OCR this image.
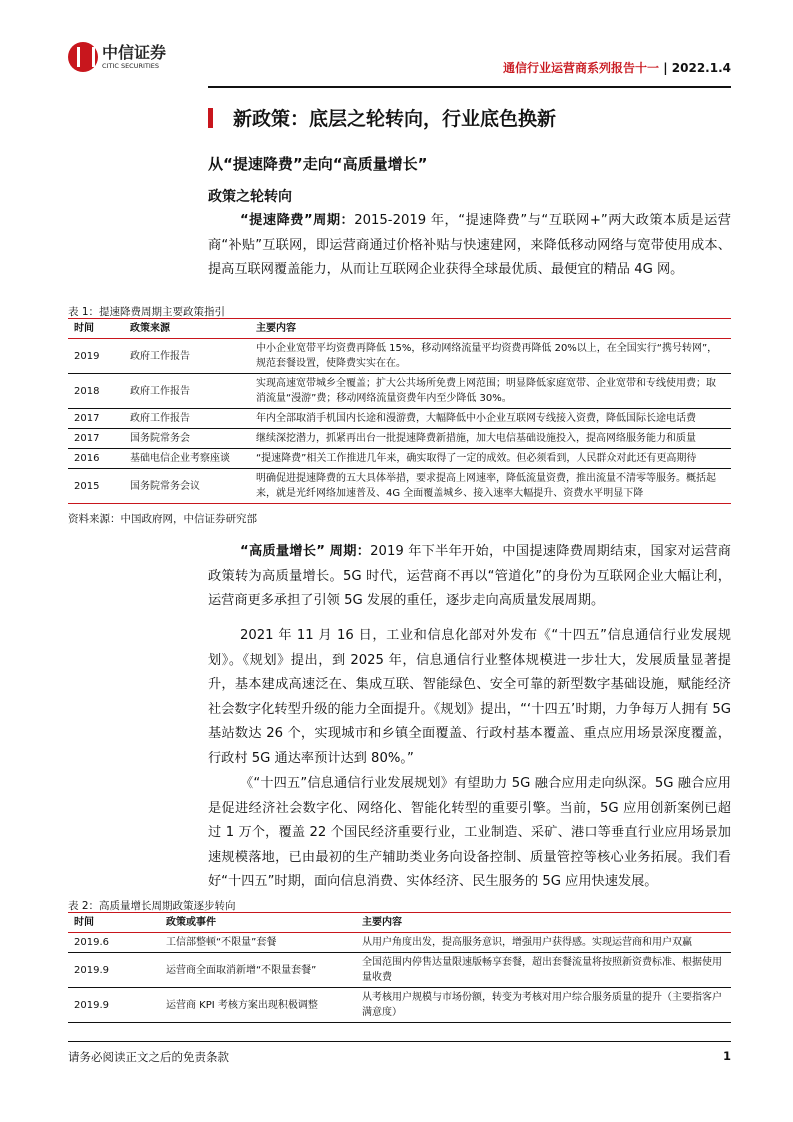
中信证券
CITIC SECURITIES	通信行业运营商系列报告十一 | 2022.1.4
新政策：底层之轮转向，行业底色换新
从“提速降费”走向“高质量增长”
政策之轮转向

“提速降费”周期：2015-2019 年，“提速降费”与“互联网+”两大政策本质是运营商“补贴”互联网，即运营商通过价格补贴与快速建网，来降低移动网络与宽带使用成本、提高互联网覆盖能力，从而让互联网企业获得全球最优质、最便宜的精品 4G 网。

表 1：提速降费周期主要政策指引
时间	政策来源	主要内容
2019	政府工作报告	中小企业宽带平均资费再降低 15%，移动网络流量平均资费再降低 20%以上，在全国实行“携号转网”，规范套餐设置，使降费实实在在。
2018	政府工作报告	实现高速宽带城乡全覆盖；扩大公共场所免费上网范围；明显降低家庭宽带、企业宽带和专线使用费；取消流量“漫游”费；移动网络流量资费年内至少降低 30%。
2017	政府工作报告	年内全部取消手机国内长途和漫游费，大幅降低中小企业互联网专线接入资费，降低国际长途电话费
2017	国务院常务会	继续深挖潜力，抓紧再出台一批提速降费新措施，加大电信基础设施投入，提高网络服务能力和质量
2016	基础电信企业考察座谈	“提速降费”相关工作推进几年来，确实取得了一定的成效。但必须看到，人民群众对此还有更高期待
2015	国务院常务会议	明确促进提速降费的五大具体举措，要求提高上网速率，降低流量资费，推出流量不清零等服务。概括起来，就是光纤网络加速普及、4G 全面覆盖城乡、接入速率大幅提升、资费水平明显下降
资料来源：中国政府网，中信证券研究部

“高质量增长” 周期：2019 年下半年开始，中国提速降费周期结束，国家对运营商政策转为高质量增长。5G 时代，运营商不再以“管道化”的身份为互联网企业大幅让利，运营商更多承担了引领 5G 发展的重任，逐步走向高质量发展周期。

2021 年 11 月 16 日，工业和信息化部对外发布《“十四五”信息通信行业发展规划》。《规划》提出，到 2025 年，信息通信行业整体规模进一步壮大，发展质量显著提升，基本建成高速泛在、集成互联、智能绿色、安全可靠的新型数字基础设施，赋能经济社会数字化转型升级的能力全面提升。《规划》提出，“‘十四五’时期，力争每万人拥有 5G 基站数达 26 个，实现城市和乡镇全面覆盖、行政村基本覆盖、重点应用场景深度覆盖，行政村 5G 通达率预计达到 80%。”

《“十四五”信息通信行业发展规划》有望助力 5G 融合应用走向纵深。5G 融合应用是促进经济社会数字化、网络化、智能化转型的重要引擎。当前，5G 应用创新案例已超过 1 万个，覆盖 22 个国民经济重要行业，工业制造、采矿、港口等垂直行业应用场景加速规模落地，已由最初的生产辅助类业务向设备控制、质量管控等核心业务拓展。我们看好“十四五”时期，面向信息消费、实体经济、民生服务的 5G 应用快速发展。

表 2：高质量增长周期政策逐步转向
时间	政策或事件	主要内容
2019.6	工信部整顿“不限量”套餐	从用户角度出发，提高服务意识，增强用户获得感。实现运营商和用户双赢
2019.9	运营商全面取消新增“不限量套餐”	全国范围内停售达量限速版畅享套餐，超出套餐流量将按照新资费标准、根据使用量收费
2019.9	运营商 KPI 考核方案出现积极调整	从考核用户规模与市场份额，转变为考核对用户综合服务质量的提升（主要指客户满意度）
请务必阅读正文之后的免责条款	1
